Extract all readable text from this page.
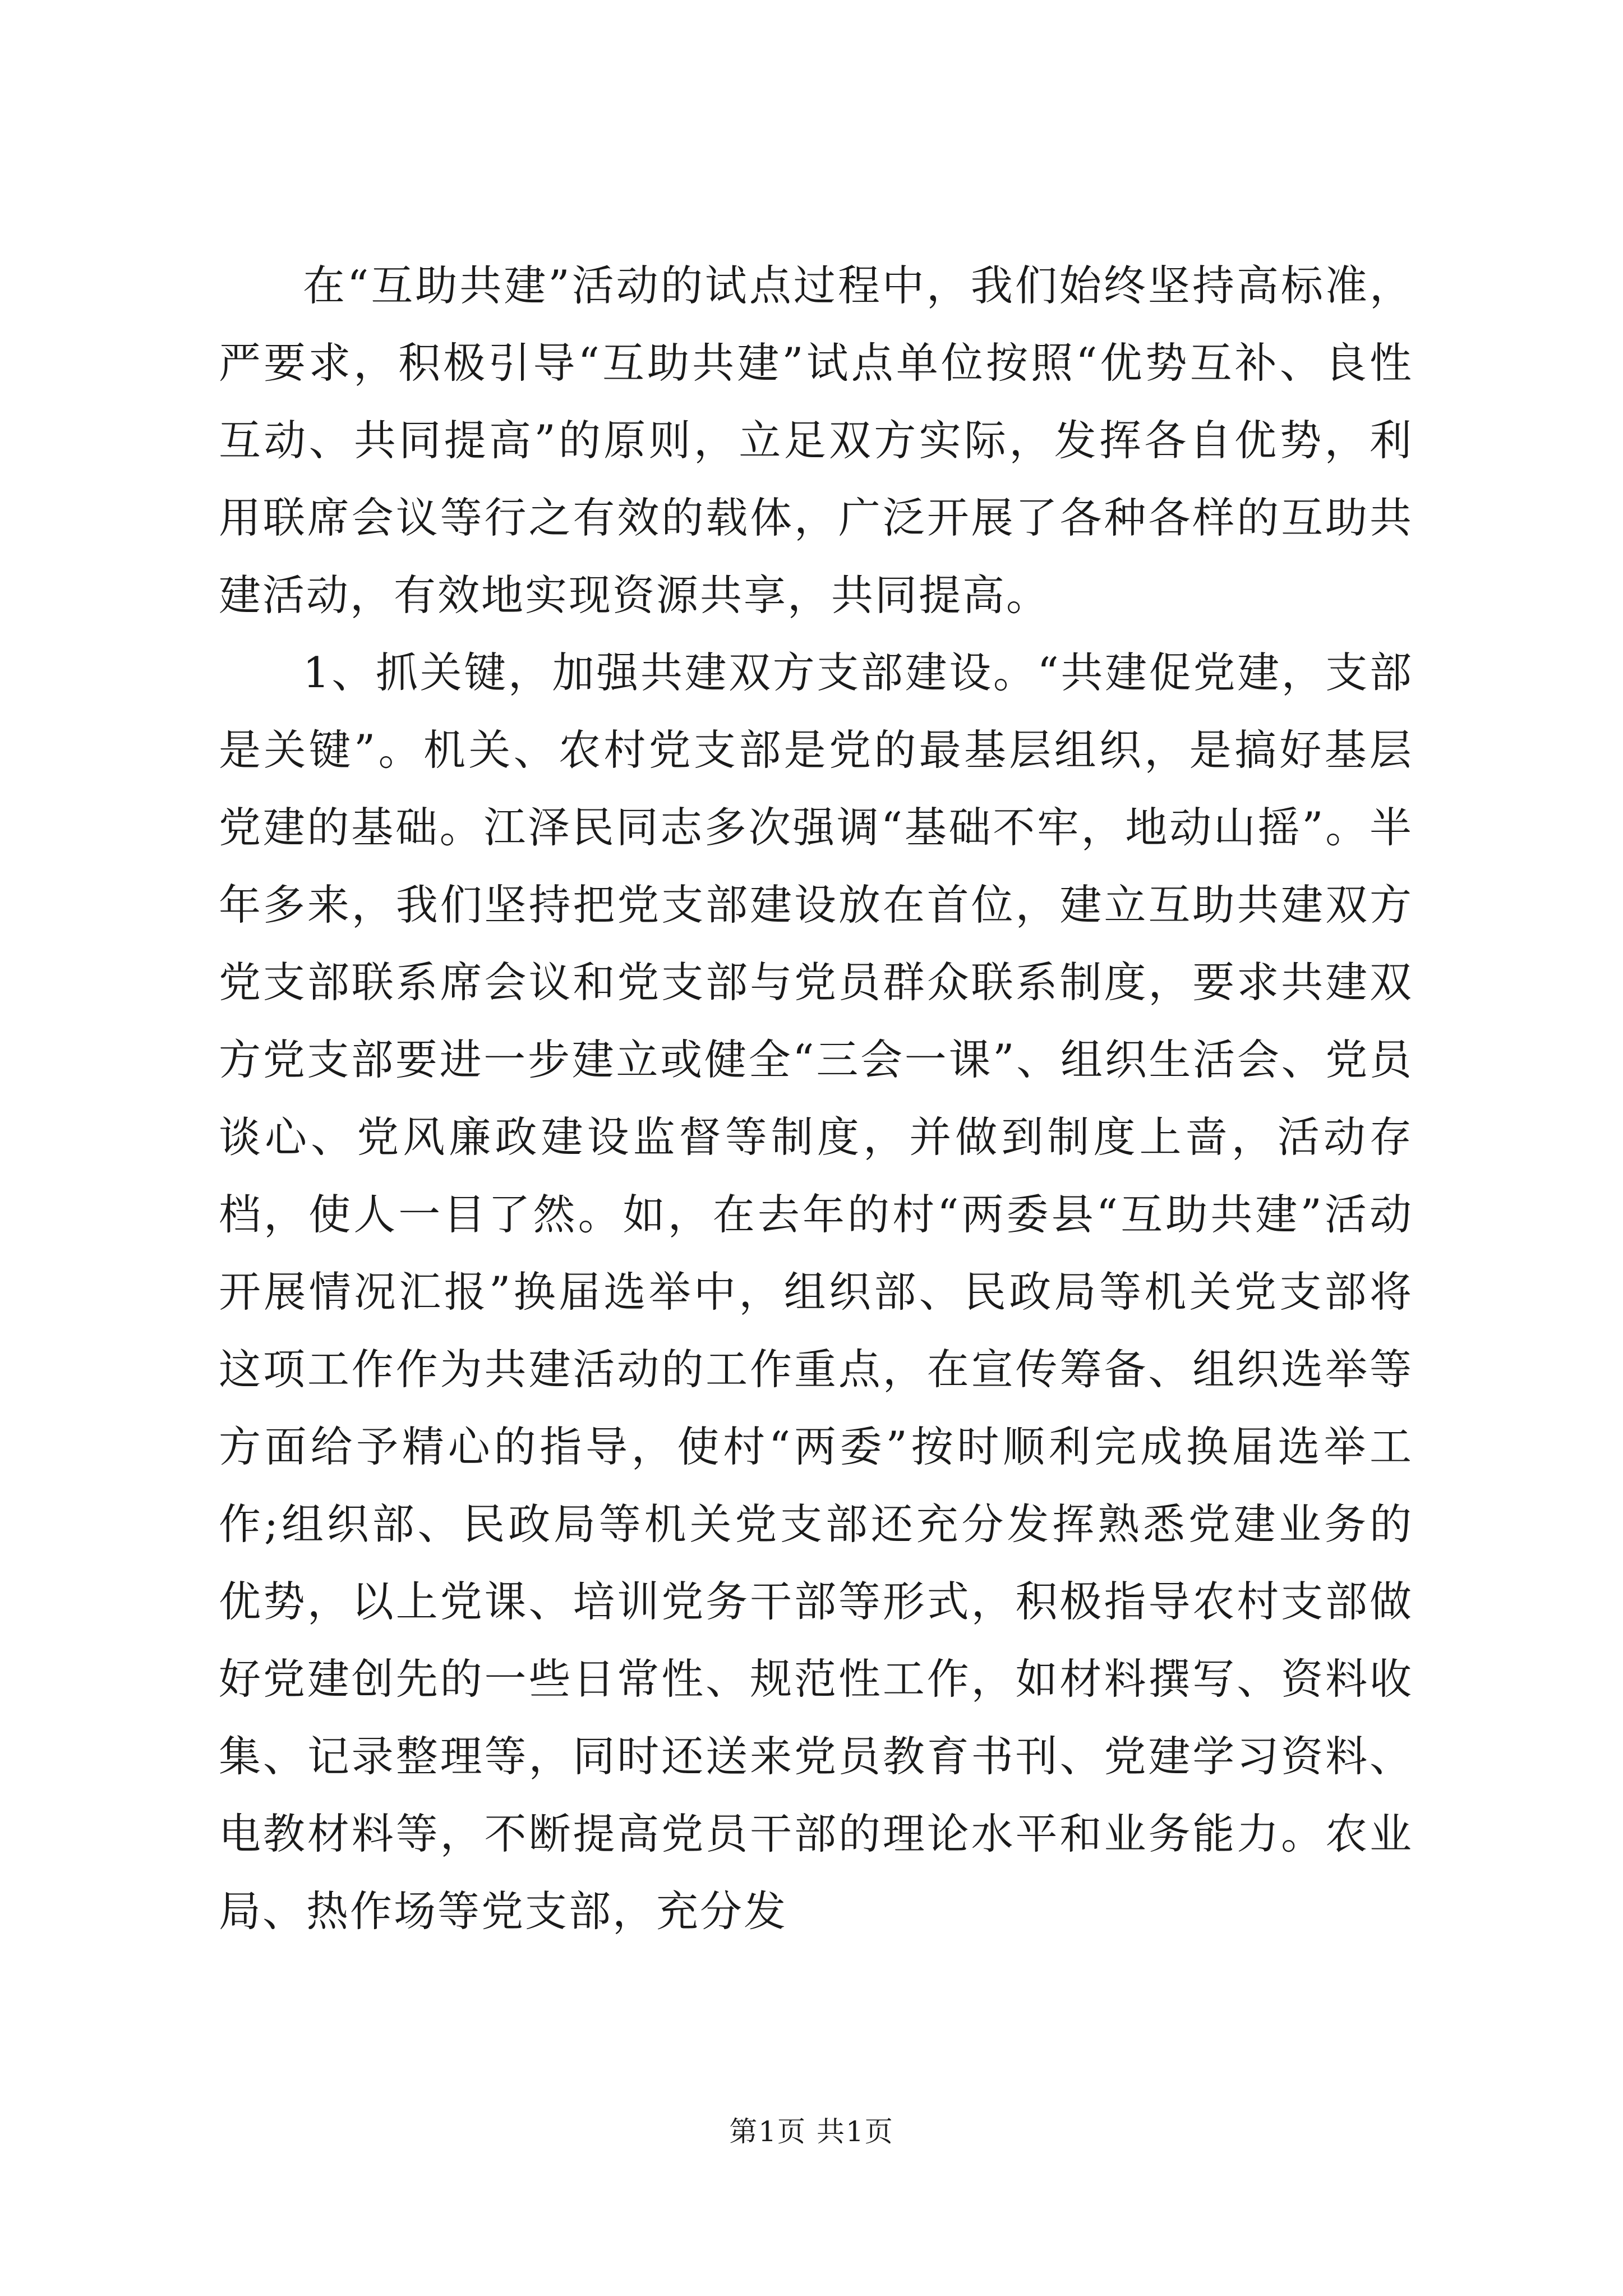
在“互助共建”活动的试点过程中，我们始终坚持高标准，严要求，积极引导“互助共建”试点单位按照“优势互补、良性互动、共同提高”的原则，立足双方实际，发挥各自优势，利用联席会议等行之有效的载体，广泛开展了各种各样的互助共建活动，有效地实现资源共享，共同提高。

1、抓关键，加强共建双方支部建设。“共建促党建，支部是关键”。机关、农村党支部是党的最基层组织，是搞好基层党建的基础。江泽民同志多次强调“基础不牢，地动山摇”。半年多来，我们坚持把党支部建设放在首位，建立互助共建双方党支部联系席会议和党支部与党员群众联系制度，要求共建双方党支部要进一步建立或健全“三会一课”、组织生活会、党员谈心、党风廉政建设监督等制度，并做到制度上啬，活动存档，使人一目了然。如，在去年的村“两委县“互助共建”活动开展情况汇报”换届选举中，组织部、民政局等机关党支部将这项工作作为共建活动的工作重点，在宣传筹备、组织选举等方面给予精心的指导，使村“两委”按时顺利完成换届选举工作;组织部、民政局等机关党支部还充分发挥熟悉党建业务的优势，以上党课、培训党务干部等形式，积极指导农村支部做好党建创先的一些日常性、规范性工作，如材料撰写、资料收集、记录整理等，同时还送来党员教育书刊、党建学习资料、电教材料等，不断提高党员干部的理论水平和业务能力。农业局、热作场等党支部，充分发

第1页 共1页
